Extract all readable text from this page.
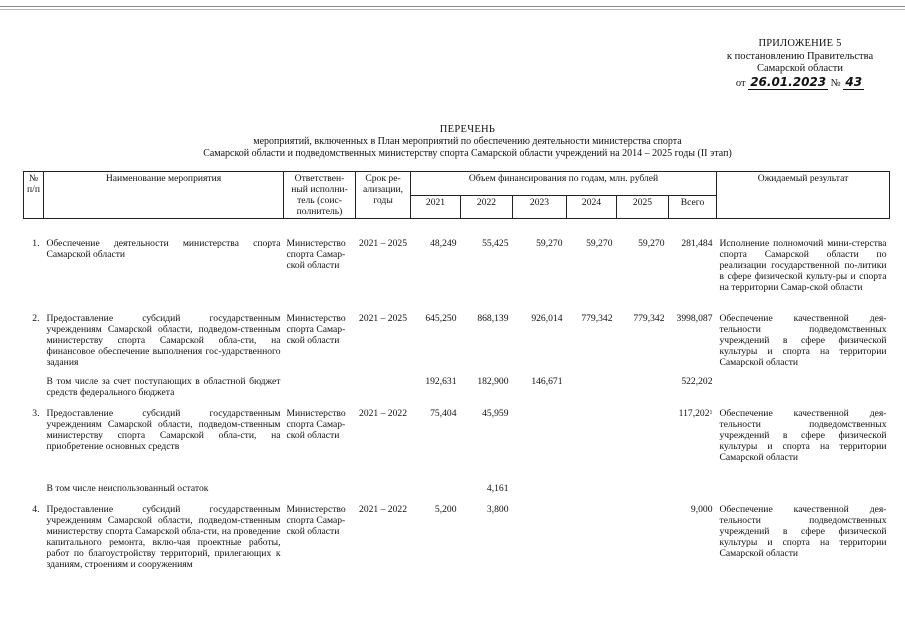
ПРИЛОЖЕНИЕ 5
к постановлению Правительства
Самарской области
от 26.01.2023 № 43
ПЕРЕЧЕНЬ
мероприятий, включенных в План мероприятий по обеспечению деятельности министерства спорта
Самарской области и подведомственных министерству спорта Самарской области учреждений на 2014 – 2025 годы (II этап)
№ п/п	Наименование мероприятия	Ответствен-ный исполни-тель (соис-полнитель)	Срок ре-ализации, годы	Объем финансирования по годам, млн. рублей						Ожидаемый результат
				2021	2022	2023	2024	2025	Всего	

1.	Обеспечение деятельности министерства спорта Самарской области	Министерство спорта Самар-ской области	2021 – 2025	48,249	55,425	59,270	59,270	59,270	281,484	Исполнение полномочий мини-стерства спорта Самарской области по реализации государственной по-литики в сфере физической культу-ры и спорта на территории Самар-ской области

2.	Предоставление субсидий государственным учреждениям Самарской области, подведом-ственным министерству спорта Самарской обла-сти, на финансовое обеспечение выполнения гос-ударственного задания	Министерство спорта Самар-ской области	2021 – 2025	645,250	868,139	926,014	779,342	779,342	3998,087	Обеспечение качественной дея-тельности подведомственных учреждений в сфере физической культуры и спорта на территории Самарской области

	В том числе за счет поступающих в областной бюджет средств федерального бюджета			192,631	182,900	146,671			522,202	

3.	Предоставление субсидий государственным учреждениям Самарской области, подведом-ственным министерству спорта Самарской обла-сти, на приобретение основных средств	Министерство спорта Самар-ской области	2021 – 2022	75,404	45,959				117,202$^1$	Обеспечение качественной дея-тельности подведомственных учреждений в сфере физической культуры и спорта на территории Самарской области

	В том числе неиспользованный остаток				4,161					

4.	Предоставление субсидий государственным учреждениям Самарской области, подведом-ственным министерству спорта Самарской обла-сти, на проведение капитального ремонта, вклю-чая проектные работы, работ по благоустройству территорий, прилегающих к зданиям, строениям и сооружениям	Министерство спорта Самар-ской области	2021 – 2022	5,200	3,800				9,000	Обеспечение качественной дея-тельности подведомственных учреждений в сфере физической культуры и спорта на территории Самарской области
